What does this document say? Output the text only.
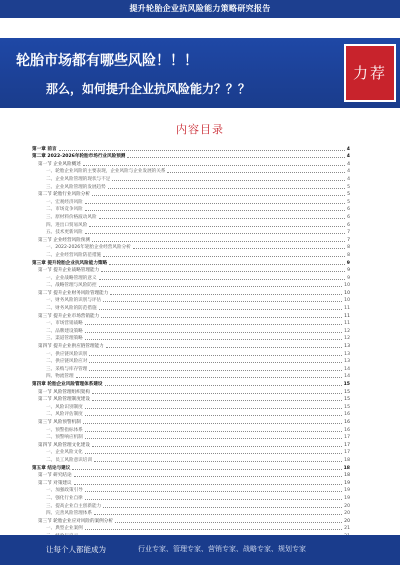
提升轮胎企业抗风险能力策略研究报告
轮胎市场都有哪些风险！！！
那么，如何提升企业抗风险能力？？？
力荐
内容目录
第一章 前言	4
第二章 2022-2026年轮胎市场行业风险预测	4
第一节 企业风险概述	4
一、轮胎企业风险的主要表现，企业风险与企业发展的关系	4
二、企业风险管理的现状与不足	4
三、企业风险管理的发展趋势	5
第二节 轮胎行业风险分析	5
一、宏观经济风险	5
二、市场竞争风险	6
三、原材料价格波动风险	6
四、进出口贸易风险	6
五、技术更新风险	7
第三节 企业经营风险预测	7
一、2022-2026年轮胎企业经营风险分析	8
二、企业经营风险防范措施	8
第三章 提升轮胎企业抗风险能力策略	9
第一节 提升企业战略管理能力	9
一、企业战略管理的意义	9
二、战略管理与风险防控	10
第二节 提升企业财务风险管理能力	10
一、财务风险的识别与评估	10
二、财务风险的防范措施	11
第三节 提升企业市场营销能力	11
一、市场营销战略	11
二、品牌建设策略	12
三、渠道管理策略	12
第四节 提升企业供应链管理能力	13
一、供应链风险识别	13
二、供应链风险应对	13
三、采购与库存管理	14
四、物流管理	14
第四章 轮胎企业风险管理体系建设	15
第一节 风险管理组织架构	15
第二节 风险管理制度建设	15
一、风险识别制度	15
二、风险评估制度	16
第三节 风险预警机制	16
一、预警指标体系	16
二、预警响应机制	17
第四节 风险管理文化建设	17
一、企业风险文化	17
二、员工风险意识培训	18
第五章 结论与建议	18
第一节 研究结论	18
第二节 对策建议	19
一、加强政策引导	19
二、强化行业自律	19
三、提高企业自主创新能力	20
四、完善风险管理体系	20
第三节 轮胎企业应对风险的案例分析	20
一、典型企业案例	21
让每个人都能成为	行业专家、管理专家、营销专家、战略专家、规划专家
